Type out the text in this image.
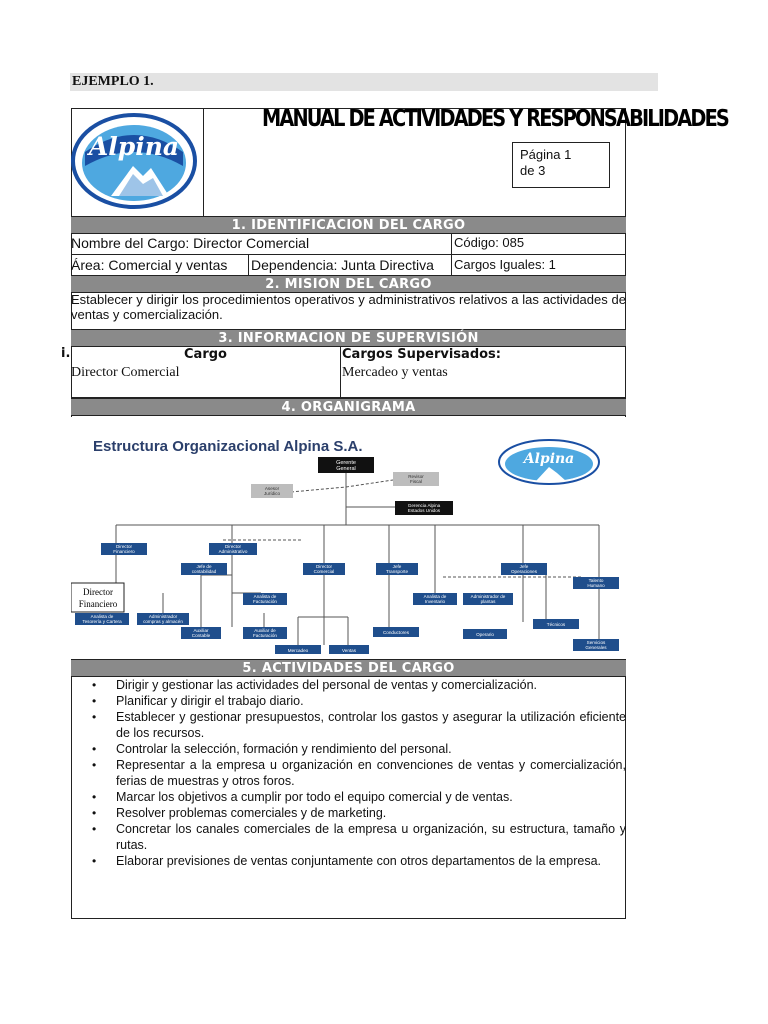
EJEMPLO 1.
Alpina
MANUAL DE ACTIVIDADES Y RESPONSABILIDADES
Página 1
de 3
1. IDENTIFICACION DEL CARGO
Nombre del Cargo: Director Comercial	Código: 085
Área: Comercial y ventas Dependencia: Junta Directiva Cargos Iguales: 1
2. MISION DEL CARGO
Establecer y dirigir los procedimientos operativos y administrativos relativos a las actividades de ventas y comercialización.
3. INFORMACION DE SUPERVISIÓN
i.	Cargo	Cargos Supervisados:
Director Comercial	Mercadeo y ventas
4. ORGANIGRAMA
Estructura Organizacional Alpina S.A.
Alpina
Gerente
General
Revisor
Fiscal
Asesor
Jurídico
Gerencia Alpina
Estados Unidos
Director
Financiero
Director
Administrativo
Jefe de
contabilidad
Director
Comercial
Jefe
Transporte
Jefe
Operaciones
Talento
Humano
Analista de
Tesorería y Cartera
Administrador
compras y almacén
Analista de
Facturación
Analista de
Inventario
Administrador de
plantas
Auxiliar
Contable
Auxiliar de
Facturación
Conductores	Operario
Técnicos
Servicios
Generales
Mercadeo	Ventas
Director
Financiero
5. ACTIVIDADES DEL CARGO
• Dirigir y gestionar las actividades del personal de ventas y comercialización.
• Planificar y dirigir el trabajo diario.
• Establecer y gestionar presupuestos, controlar los gastos y asegurar la utilización eficiente de los recursos.
• Controlar la selección, formación y rendimiento del personal.
• Representar a la empresa u organización en convenciones de ventas y comercialización, ferias de muestras y otros foros.
• Marcar los objetivos a cumplir por todo el equipo comercial y de ventas.
• Resolver problemas comerciales y de marketing.
• Concretar los canales comerciales de la empresa u organización, su estructura, tamaño y rutas.
• Elaborar previsiones de ventas conjuntamente con otros departamentos de la empresa.
